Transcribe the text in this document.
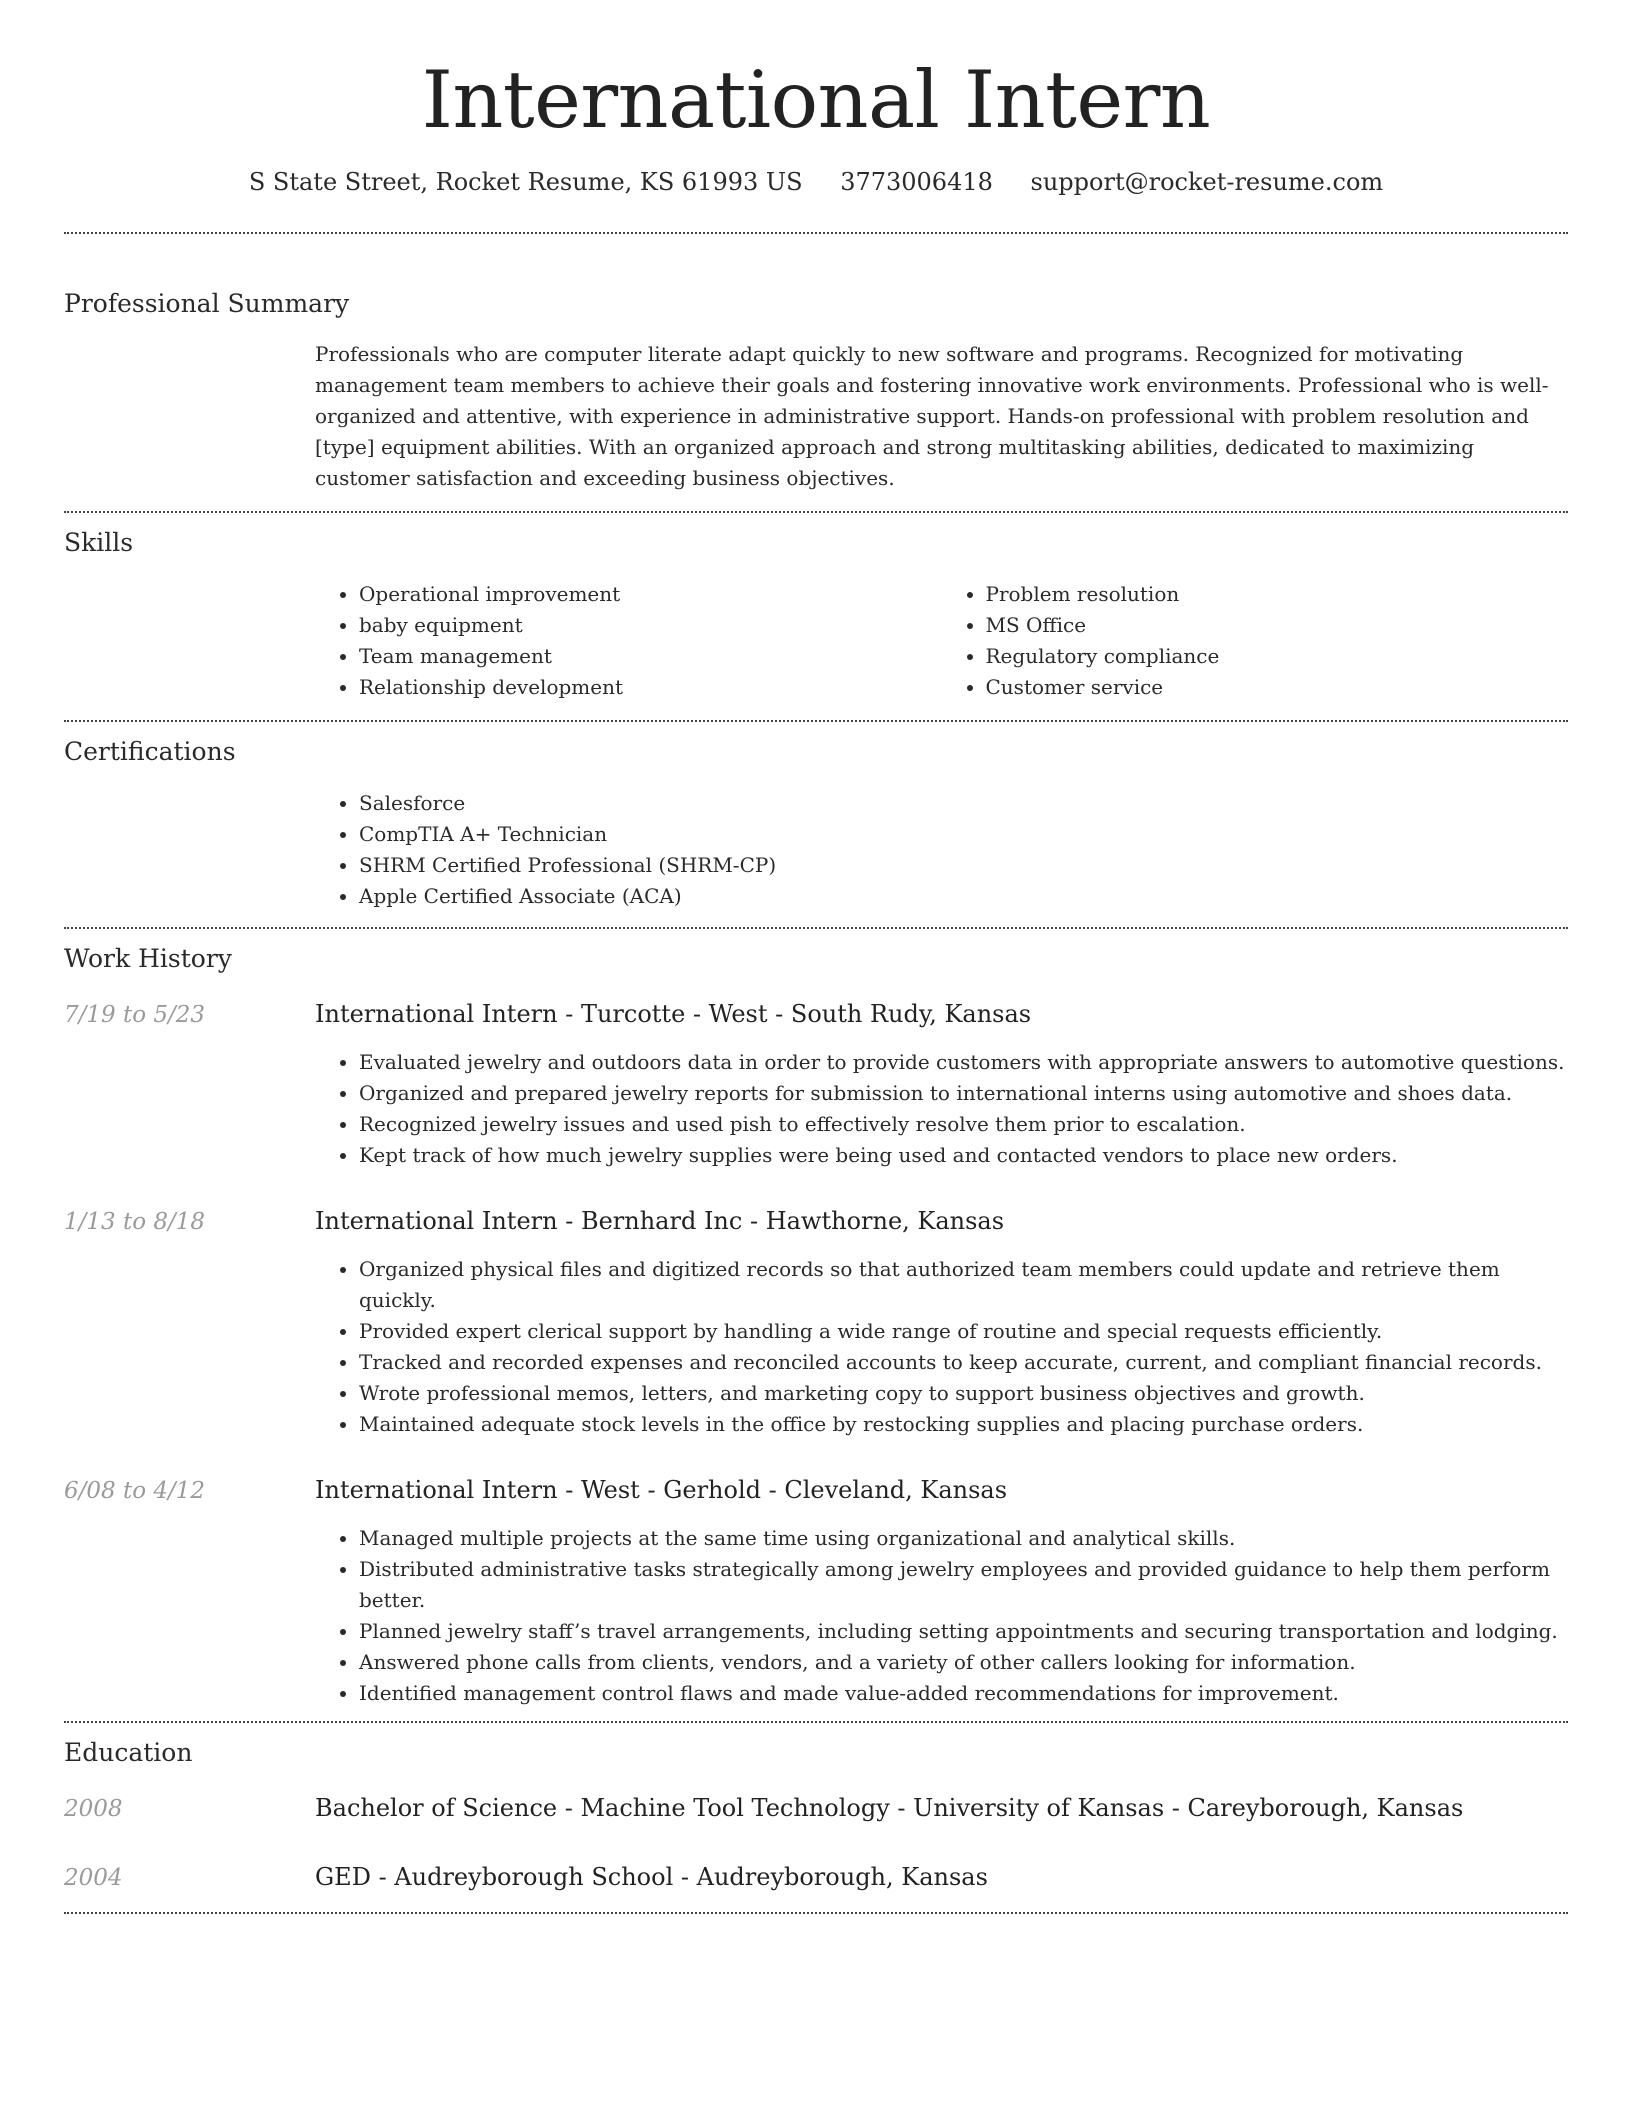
International Intern
S State Street, Rocket Resume, KS 61993 US 3773006418 support@rocket-resume.com
Professional Summary

Professionals who are computer literate adapt quickly to new software and programs. Recognized for motivating management team members to achieve their goals and fostering innovative work environments. Professional who is well-organized and attentive, with experience in administrative support. Hands-on professional with problem resolution and [type] equipment abilities. With an organized approach and strong multitasking abilities, dedicated to maximizing customer satisfaction and exceeding business objectives.

Skills
• Operational improvement
• baby equipment
• Team management
• Relationship development
• Problem resolution
• MS Office
• Regulatory compliance
• Customer service
Certifications
• Salesforce
• CompTIA A+ Technician
• SHRM Certified Professional (SHRM-CP)
• Apple Certified Associate (ACA)
Work History
7/19 to 5/23	International Intern - Turcotte - West - South Rudy, Kansas
• Evaluated jewelry and outdoors data in order to provide customers with appropriate answers to automotive questions.
• Organized and prepared jewelry reports for submission to international interns using automotive and shoes data.
• Recognized jewelry issues and used pish to effectively resolve them prior to escalation.
• Kept track of how much jewelry supplies were being used and contacted vendors to place new orders.
1/13 to 8/18	International Intern - Bernhard Inc - Hawthorne, Kansas
• Organized physical files and digitized records so that authorized team members could update and retrieve them quickly.
• Provided expert clerical support by handling a wide range of routine and special requests efficiently.
• Tracked and recorded expenses and reconciled accounts to keep accurate, current, and compliant financial records.
• Wrote professional memos, letters, and marketing copy to support business objectives and growth.
• Maintained adequate stock levels in the office by restocking supplies and placing purchase orders.
6/08 to 4/12	International Intern - West - Gerhold - Cleveland, Kansas
• Managed multiple projects at the same time using organizational and analytical skills.
• Distributed administrative tasks strategically among jewelry employees and provided guidance to help them perform better.
• Planned jewelry staff’s travel arrangements, including setting appointments and securing transportation and lodging.
• Answered phone calls from clients, vendors, and a variety of other callers looking for information.
• Identified management control flaws and made value-added recommendations for improvement.
Education
2008	Bachelor of Science - Machine Tool Technology - University of Kansas - Careyborough, Kansas
2004	GED - Audreyborough School - Audreyborough, Kansas
